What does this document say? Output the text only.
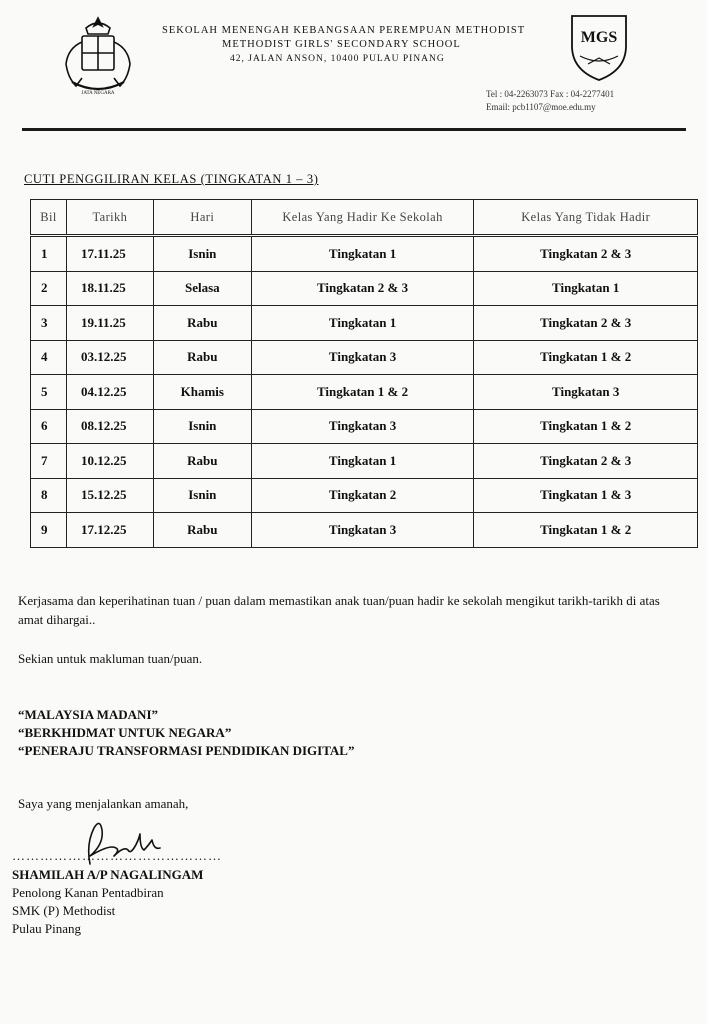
JATA NEGARA
SEKOLAH MENENGAH KEBANGSAAN PEREMPUAN METHODIST
METHODIST GIRLS' SECONDARY SCHOOL
42, JALAN ANSON, 10400 PULAU PINANG
MGS
Tel : 04-2263073 Fax : 04-2277401
Email: pcb1107@moe.edu.my
CUTI PENGGILIRAN KELAS (TINGKATAN 1 – 3)
Bil	Tarikh	Hari	Kelas Yang Hadir Ke Sekolah	Kelas Yang Tidak Hadir
1	17.11.25	Isnin	Tingkatan 1	Tingkatan 2 & 3
2	18.11.25	Selasa	Tingkatan 2 & 3	Tingkatan 1
3	19.11.25	Rabu	Tingkatan 1	Tingkatan 2 & 3
4	03.12.25	Rabu	Tingkatan 3	Tingkatan 1 & 2
5	04.12.25	Khamis	Tingkatan 1 & 2	Tingkatan 3
6	08.12.25	Isnin	Tingkatan 3	Tingkatan 1 & 2
7	10.12.25	Rabu	Tingkatan 1	Tingkatan 2 & 3
8	15.12.25	Isnin	Tingkatan 2	Tingkatan 1 & 3
9	17.12.25	Rabu	Tingkatan 3	Tingkatan 1 & 2
Kerjasama dan keperihatinan tuan / puan dalam memastikan anak tuan/puan hadir ke sekolah mengikut tarikh-tarikh di atas amat dihargai..
Sekian untuk makluman tuan/puan.
“MALAYSIA MADANI”
“BERKHIDMAT UNTUK NEGARA”
“PENERAJU TRANSFORMASI PENDIDIKAN DIGITAL”
Saya yang menjalankan amanah,
………………………………………
SHAMILAH A/P NAGALINGAM
Penolong Kanan Pentadbiran
SMK (P) Methodist
Pulau Pinang
